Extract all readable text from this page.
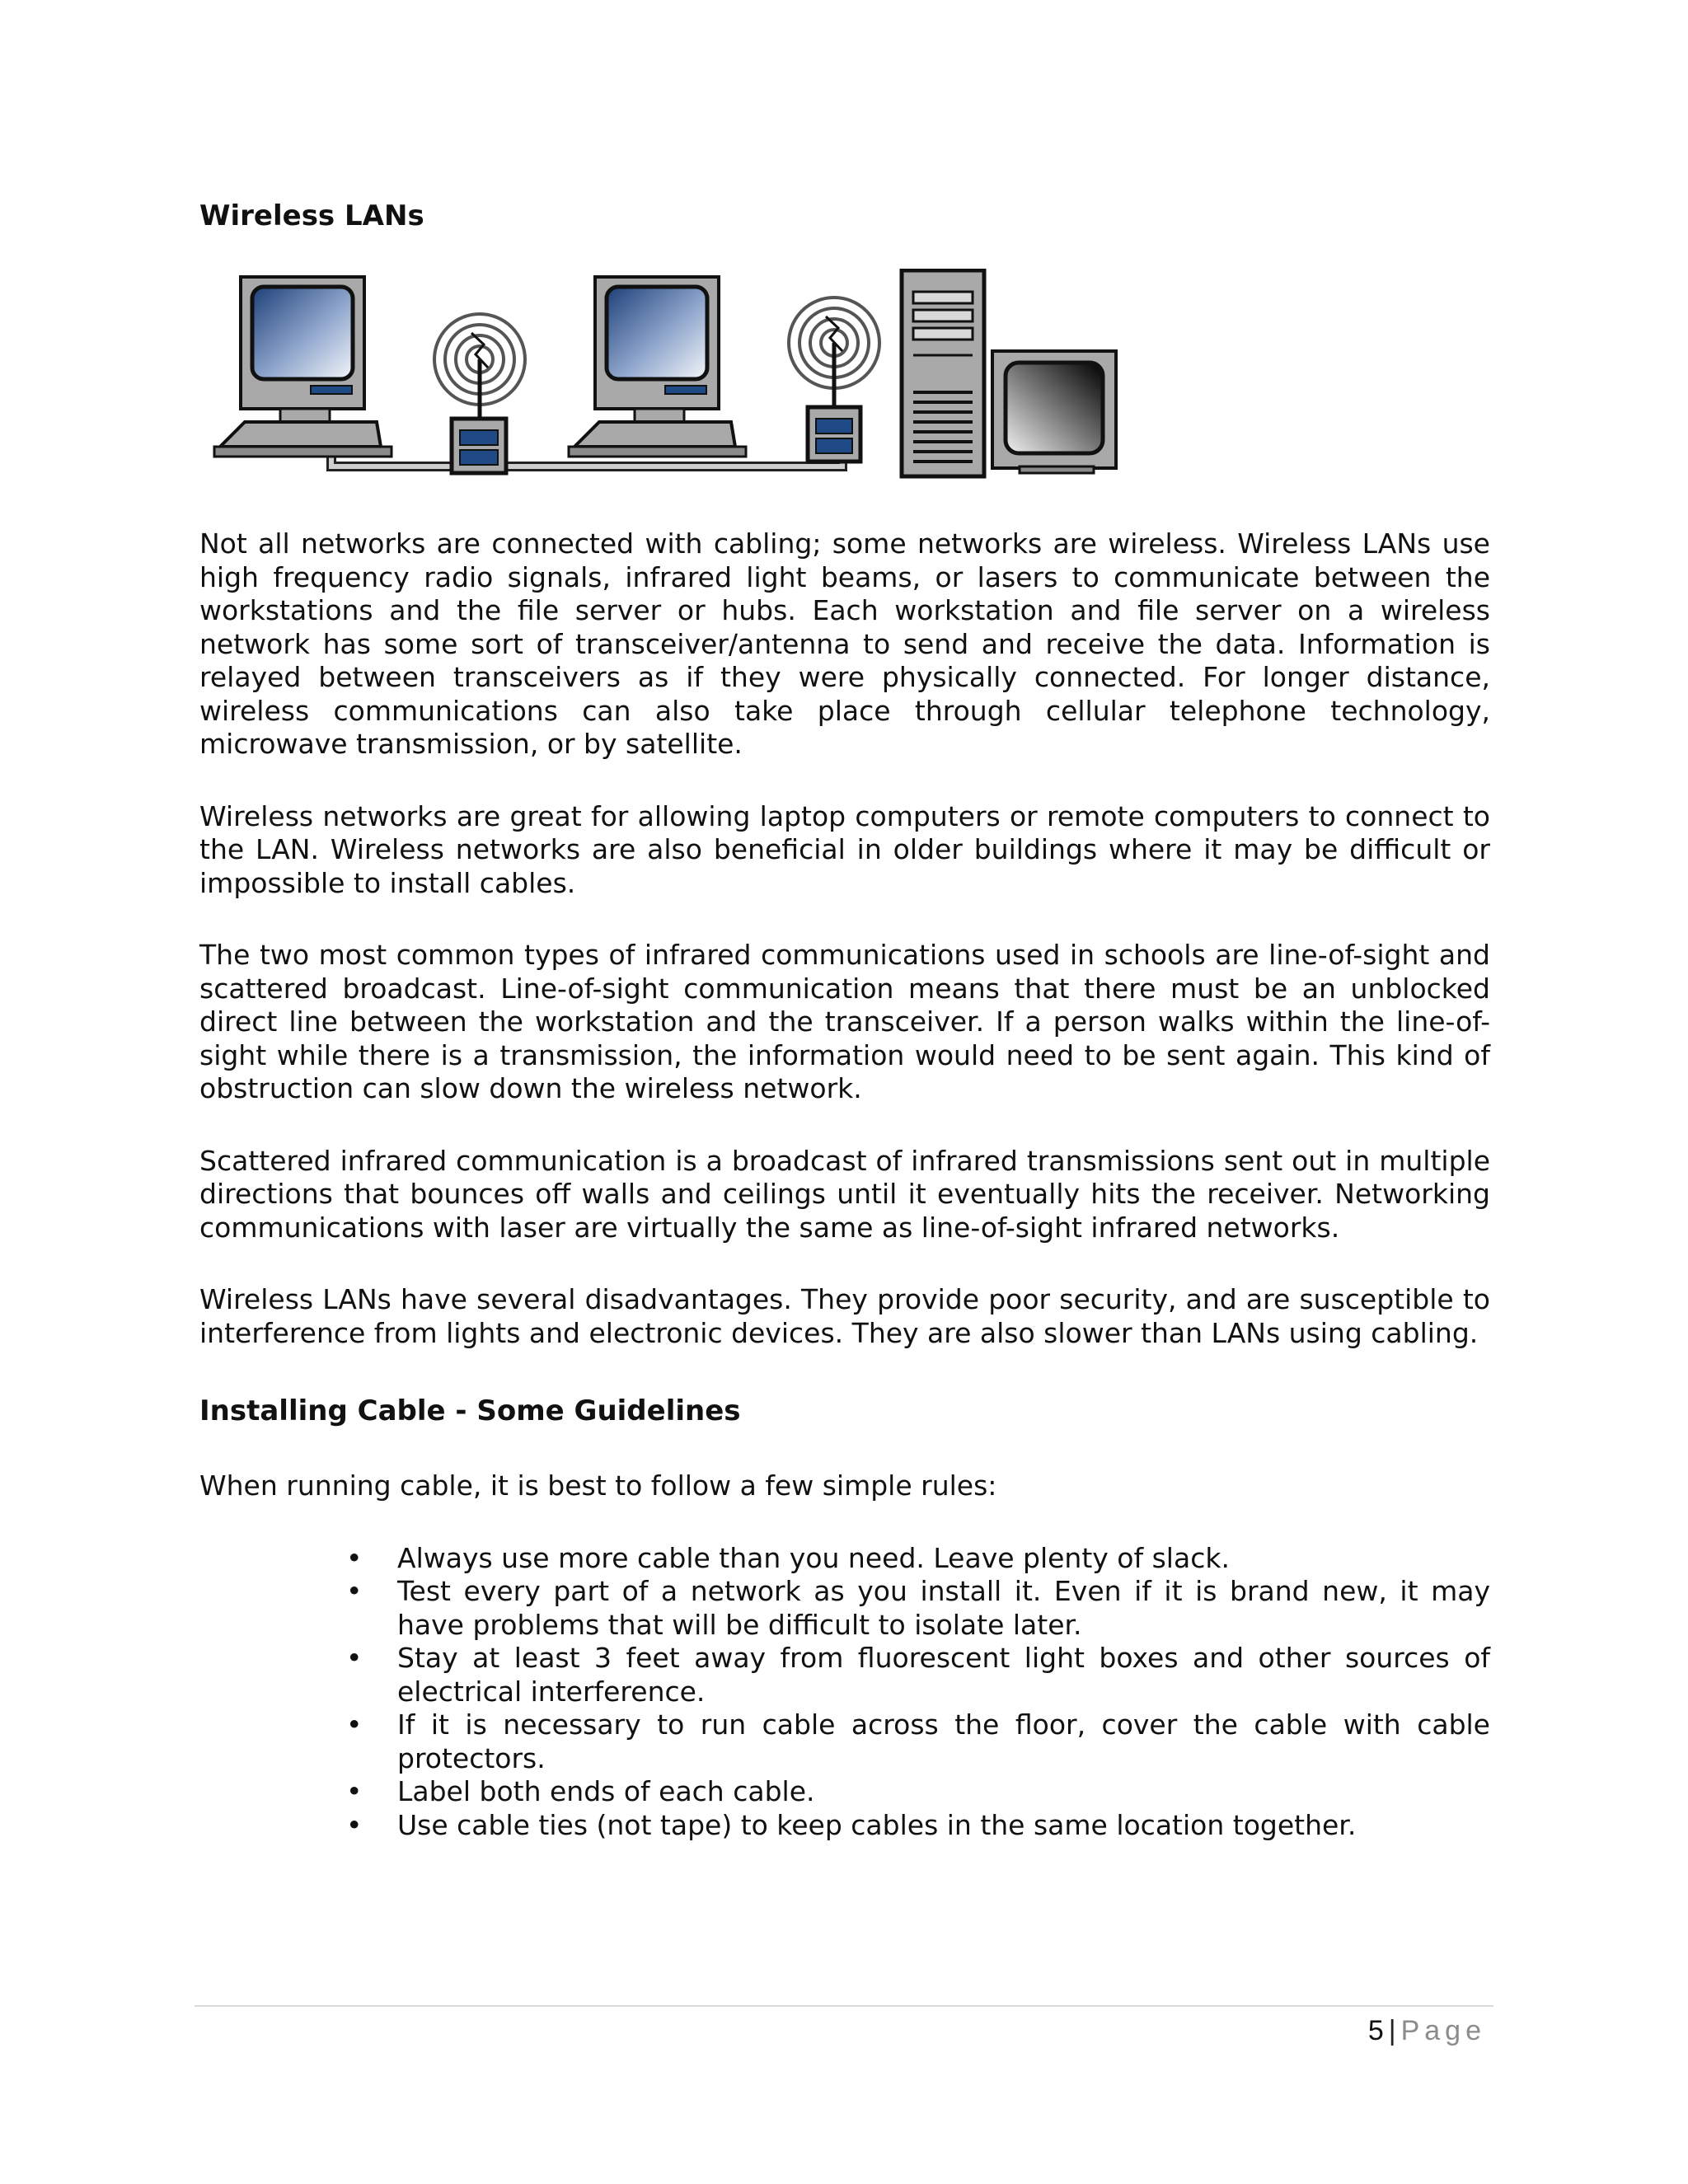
Wireless LANs

Not all networks are connected with cabling; some networks are wireless. Wireless LANs use high frequency radio signals, infrared light beams, or lasers to communicate between the workstations and the file server or hubs. Each workstation and file server on a wireless network has some sort of transceiver/antenna to send and receive the data. Information is relayed between transceivers as if they were physically connected. For longer distance, wireless communications can also take place through cellular telephone technology, microwave transmission, or by satellite.

Wireless networks are great for allowing laptop computers or remote computers to connect to the LAN. Wireless networks are also beneficial in older buildings where it may be difficult or impossible to install cables.

The two most common types of infrared communications used in schools are line-of-sight and scattered broadcast. Line-of-sight communication means that there must be an unblocked direct line between the workstation and the transceiver. If a person walks within the line-of-sight while there is a transmission, the information would need to be sent again. This kind of obstruction can slow down the wireless network.

Scattered infrared communication is a broadcast of infrared transmissions sent out in multiple directions that bounces off walls and ceilings until it eventually hits the receiver. Networking communications with laser are virtually the same as line-of-sight infrared networks.

Wireless LANs have several disadvantages. They provide poor security, and are susceptible to interference from lights and electronic devices. They are also slower than LANs using cabling.

Installing Cable - Some Guidelines

When running cable, it is best to follow a few simple rules:

• Always use more cable than you need. Leave plenty of slack.
• Test every part of a network as you install it. Even if it is brand new, it may have problems that will be difficult to isolate later.
• Stay at least 3 feet away from fluorescent light boxes and other sources of electrical interference.
• If it is necessary to run cable across the floor, cover the cable with cable protectors.
• Label both ends of each cable.
• Use cable ties (not tape) to keep cables in the same location together.
5 | Page
